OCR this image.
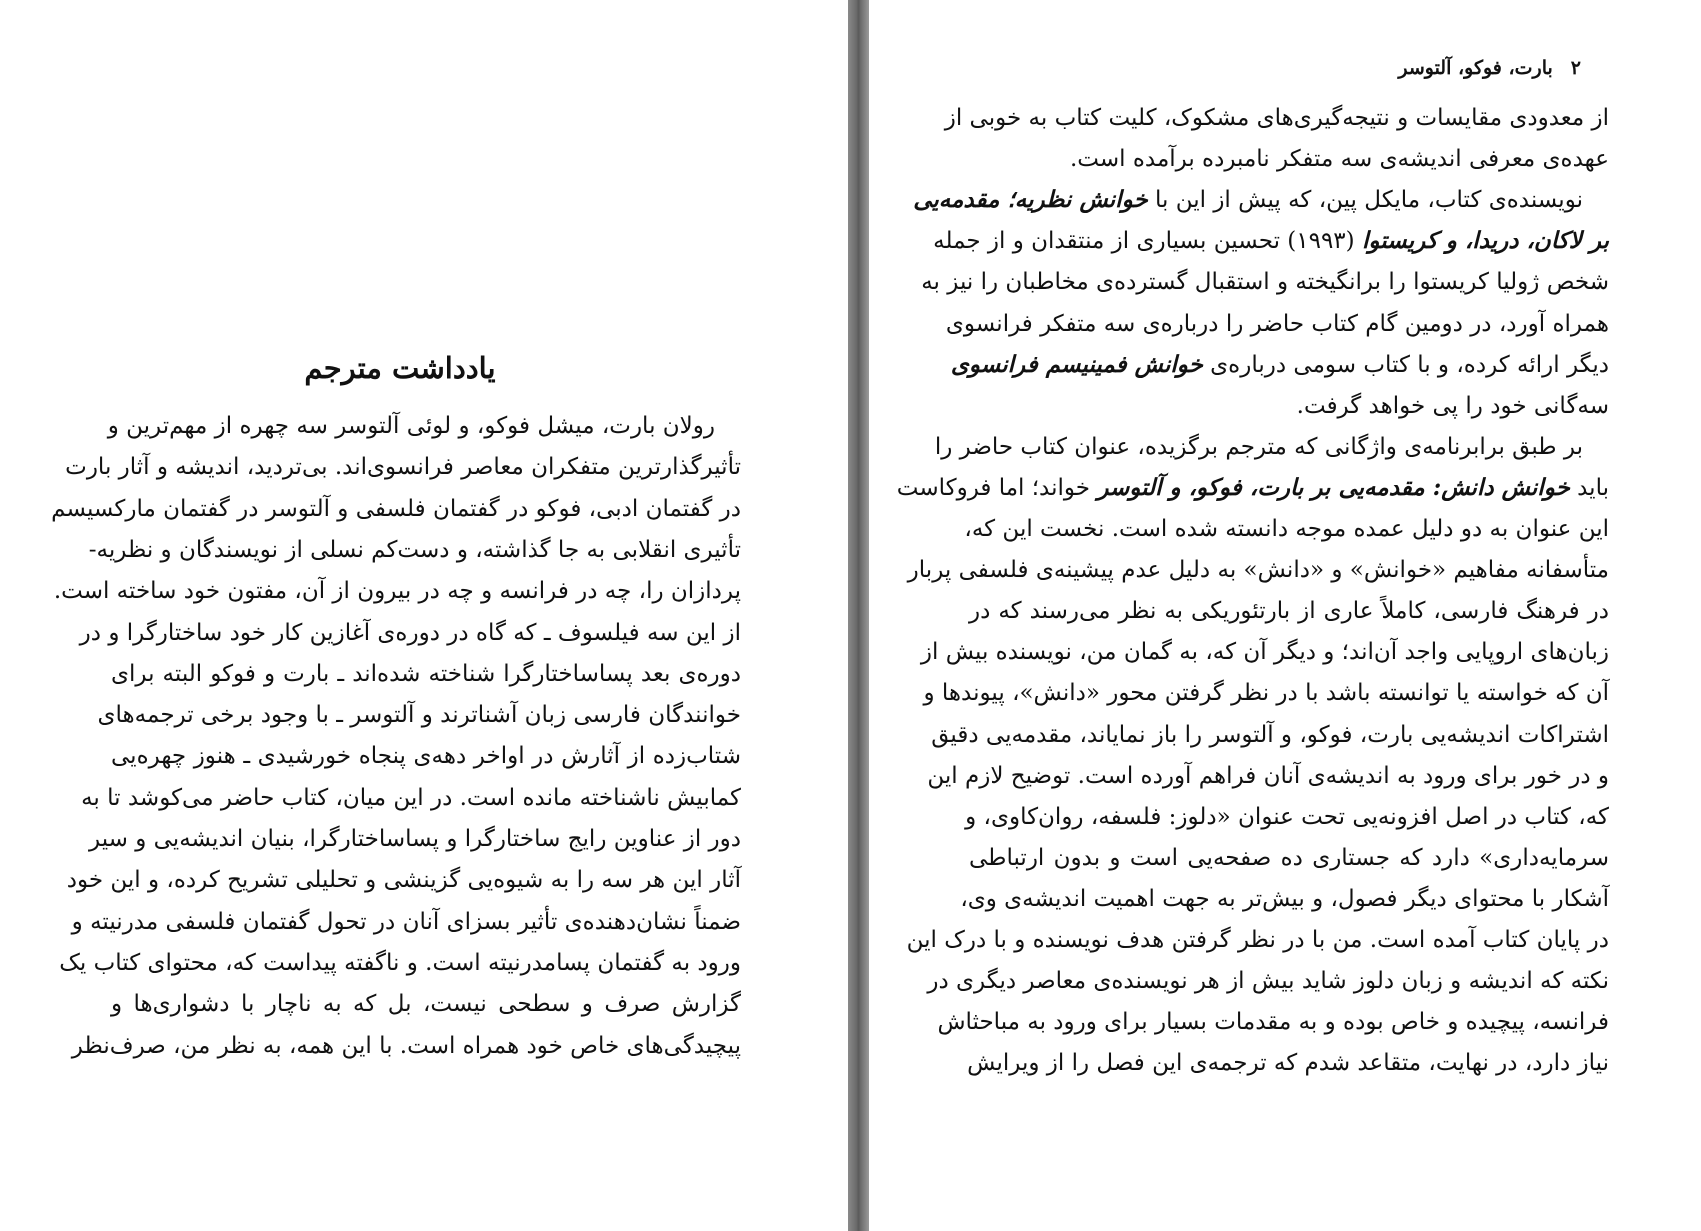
یادداشت مترجم
رولان بارت، میشل فوکو، و لوئی آلتوسر سه چهره از مهم‌ترین و
تأثیرگذارترین متفکران معاصر فرانسوی‌اند. بی‌تردید، اندیشه و آثار بارت
در گفتمان ادبی، فوکو در گفتمان فلسفی و آلتوسر در گفتمان مارکسیسم
تأثیری انقلابی به جا گذاشته، و دست‌کم نسلی از نویسندگان و نظریه-
پردازان را، چه در فرانسه و چه در بیرون از آن، مفتون خود ساخته است.
از این سه فیلسوف ـ که گاه در دوره‌ی آغازین کار خود ساختارگرا و در
دوره‌ی بعد پساساختارگرا شناخته شده‌اند ـ بارت و فوکو البته برای
خوانندگان فارسی زبان آشناترند و آلتوسر ـ با وجود برخی ترجمه‌های
شتاب‌زده از آثارش در اواخر دهه‌ی پنجاه خورشیدی ـ هنوز چهره‌یی
کمابیش ناشناخته مانده است. در این میان، کتاب حاضر می‌کوشد تا به
دور از عناوین رایج ساختارگرا و پساساختارگرا، بنیان اندیشه‌یی و سیر
آثار این هر سه را به شیوه‌یی گزینشی و تحلیلی تشریح کرده، و این خود
ضمناً نشان‌دهنده‌ی تأثیر بسزای آنان در تحول گفتمان فلسفی مدرنیته و
ورود به گفتمان پسامدرنیته است. و ناگفته پیداست که، محتوای کتاب یک
گزارش صرف و سطحی نیست، بل که به ناچار با دشواری‌ها و
پیچیدگی‌های خاص خود همراه است. با این همه، به نظر من، صرف‌نظر
۲بارت، فوکو، آلتوسر
از معدودی مقایسات و نتیجه‌گیری‌های مشکوک، کلیت کتاب به خوبی از
عهده‌ی معرفی اندیشه‌ی سه متفکر نامبرده برآمده است.
نویسنده‌ی کتاب، مایکل پین، که پیش از این با خوانش نظریه؛ مقدمه‌یی
بر لاکان، دریدا، و کریستوا (۱۹۹۳) تحسین بسیاری از منتقدان و از جمله
شخص ژولیا کریستوا را برانگیخته و استقبال گسترده‌ی مخاطبان را نیز به
همراه آورد، در دومین گام کتاب حاضر را درباره‌ی سه متفکر فرانسوی
دیگر ارائه کرده، و با کتاب سومی درباره‌ی خوانش فمینیسم فرانسوی
سه‌گانی خود را پی خواهد گرفت.
بر طبق برابرنامه‌ی واژگانی که مترجم برگزیده، عنوان کتاب حاضر را
باید خوانش دانش: مقدمه‌یی بر بارت، فوکو، و آلتوسر خواند؛ اما فروکاست
این عنوان به دو دلیل عمده موجه دانسته شده است. نخست این که،
متأسفانه مفاهیم «خوانش» و «دانش» به دلیل عدم پیشینه‌ی فلسفی پربار
در فرهنگ فارسی، کاملاً عاری از بارتئوریکی به نظر می‌رسند که در
زبان‌های اروپایی واجد آن‌اند؛ و دیگر آن که، به گمان من، نویسنده بیش از
آن که خواسته یا توانسته باشد با در نظر گرفتن محور «دانش»، پیوندها و
اشتراکات اندیشه‌یی بارت، فوکو، و آلتوسر را باز نمایاند، مقدمه‌یی دقیق
و در خور برای ورود به اندیشه‌ی آنان فراهم آورده است. توضیح لازم این
که، کتاب در اصل افزونه‌یی تحت عنوان «دلوز: فلسفه، روان‌کاوی، و
سرمایه‌داری» دارد که جستاری ده صفحه‌یی است و بدون ارتباطی
آشکار با محتوای دیگر فصول، و بیش‌تر به جهت اهمیت اندیشه‌ی وی،
در پایان کتاب آمده است. من با در نظر گرفتن هدف نویسنده و با درک این
نکته که اندیشه و زبان دلوز شاید بیش از هر نویسنده‌ی معاصر دیگری در
فرانسه، پیچیده و خاص بوده و به مقدمات بسیار برای ورود به مباحثاش
نیاز دارد، در نهایت، متقاعد شدم که ترجمه‌ی این فصل را از ویرایش
